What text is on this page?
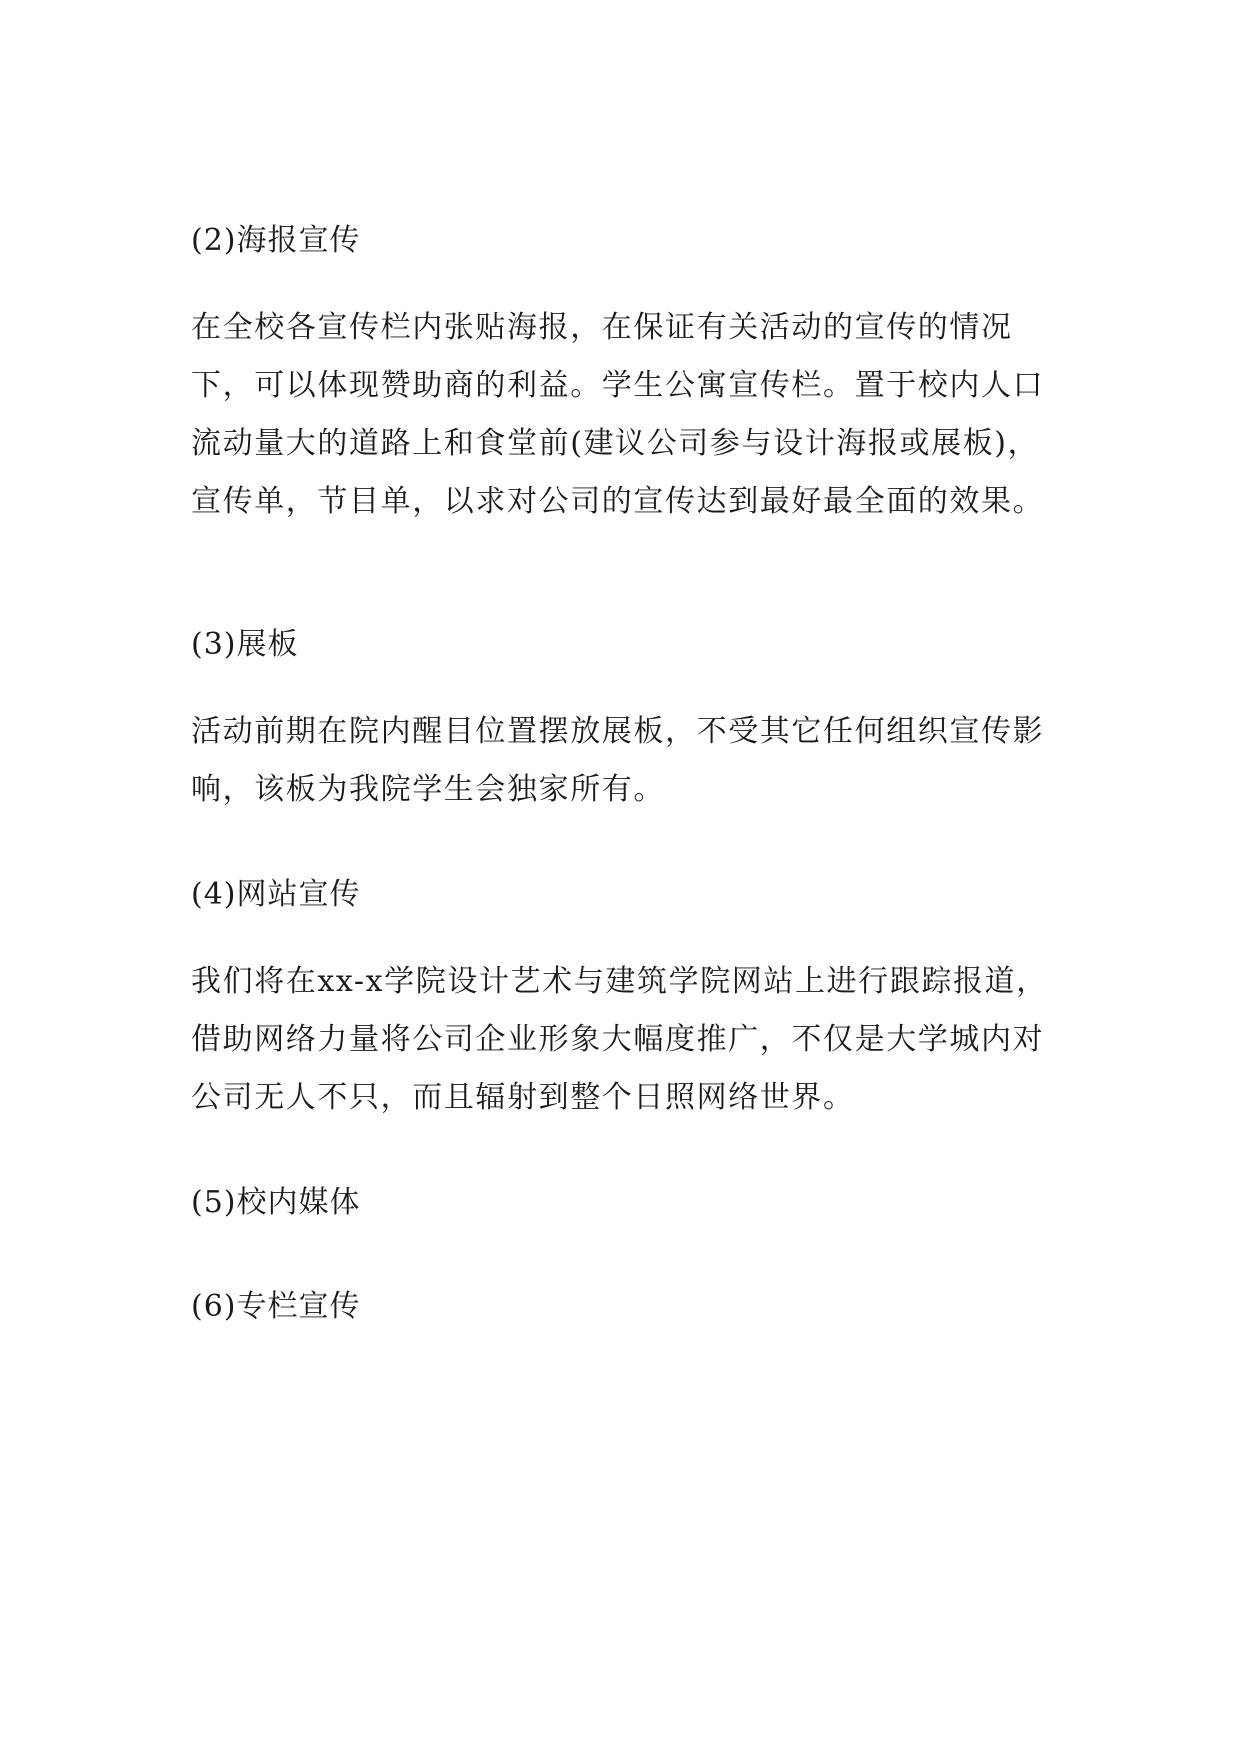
(2)海报宣传

在全校各宣传栏内张贴海报，在保证有关活动的宣传的情况下，可以体现赞助商的利益。学生公寓宣传栏。置于校内人口流动量大的道路上和食堂前(建议公司参与设计海报或展板)，宣传单，节目单，以求对公司的宣传达到最好最全面的效果。

(3)展板

活动前期在院内醒目位置摆放展板，不受其它任何组织宣传影响，该板为我院学生会独家所有。

(4)网站宣传

我们将在xx-x学院设计艺术与建筑学院网站上进行跟踪报道，借助网络力量将公司企业形象大幅度推广，不仅是大学城内对公司无人不只，而且辐射到整个日照网络世界。

(5)校内媒体

(6)专栏宣传
